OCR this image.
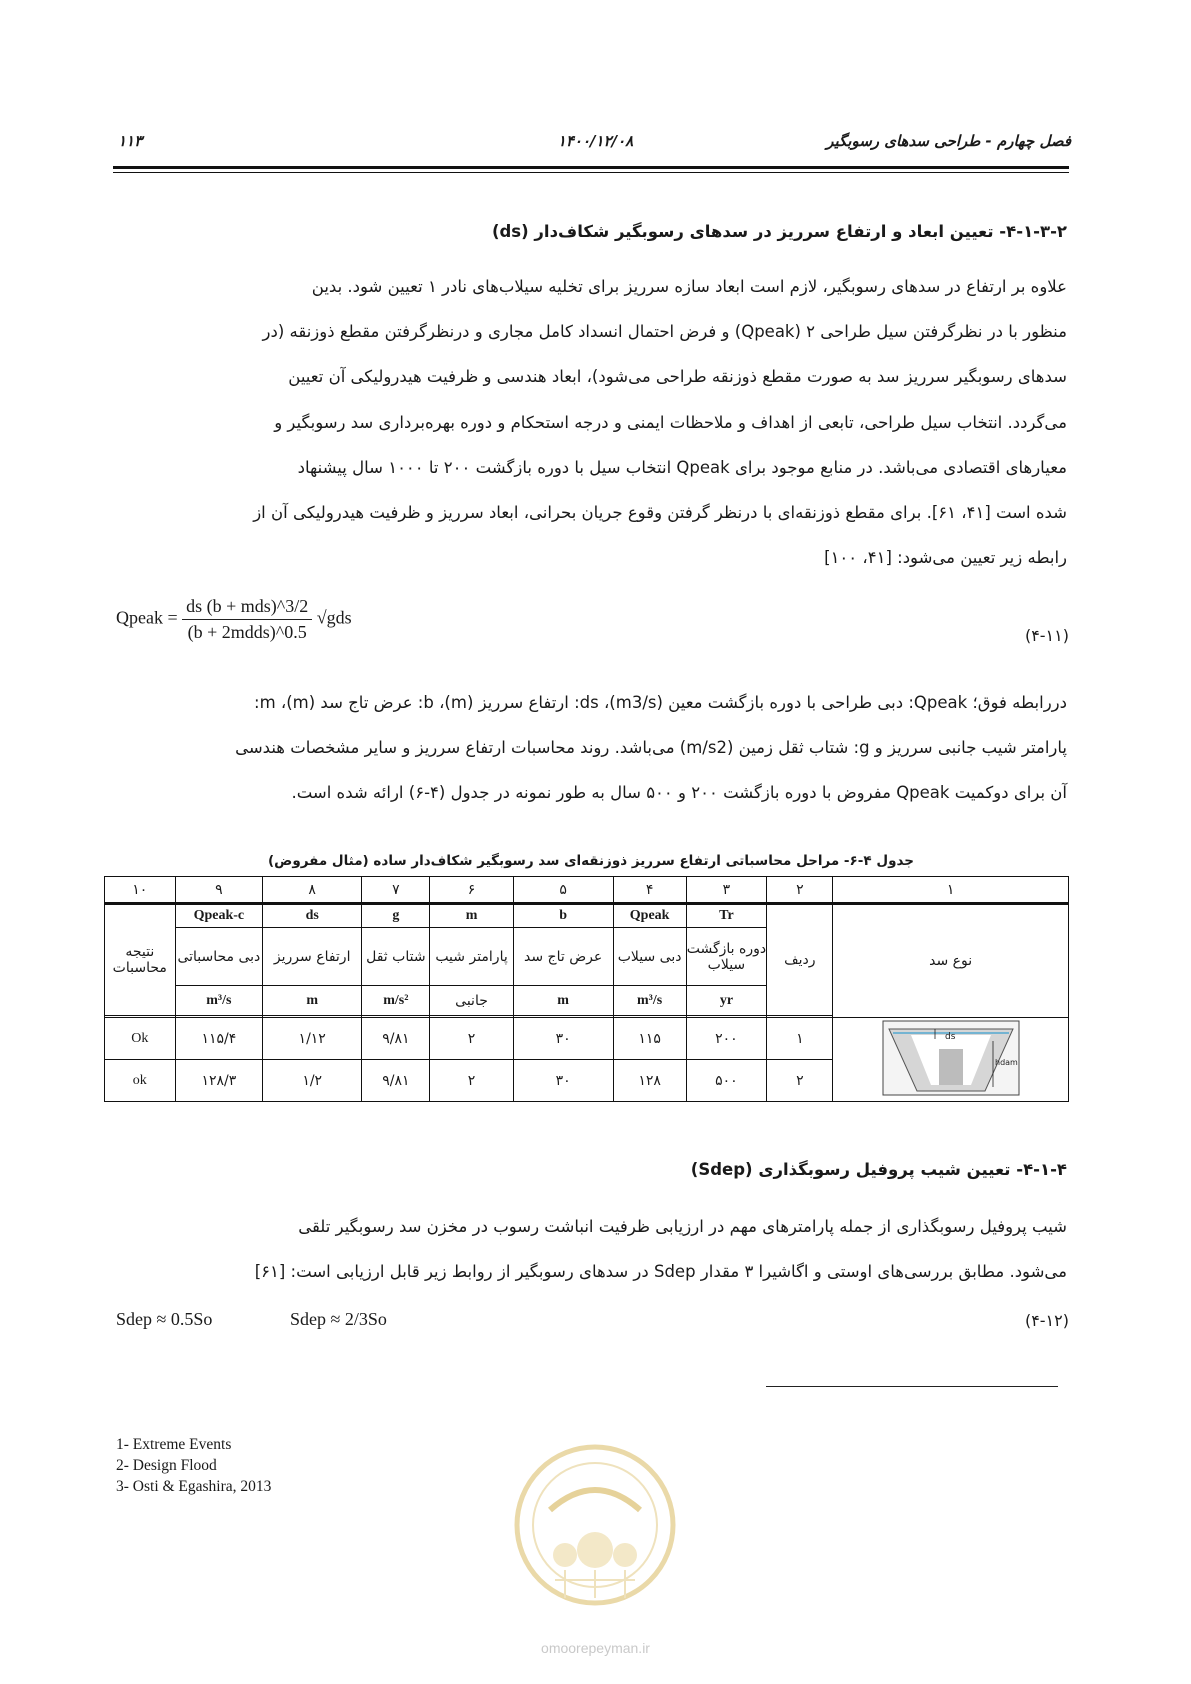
فصل چهارم - طراحی سدهای رسوبگیر
۱۴۰۰/۱۲/۰۸
۱۱۳
۴-۱-۳-۲- تعیین ابعاد و ارتفاع سرریز در سدهای رسوبگیر شکاف‌دار (ds)

علاوه بر ارتفاع در سدهای رسوبگیر، لازم است ابعاد سازه سرریز برای تخلیه سیلاب‌های نادر ۱ تعیین شود. بدین

منظور با در نظرگرفتن سیل طراحی ۲ (Qpeak) و فرض احتمال انسداد کامل مجاری و درنظرگرفتن مقطع ذوزنقه (در

سدهای رسوبگیر سرریز سد به صورت مقطع ذوزنقه طراحی می‌شود)، ابعاد هندسی و ظرفیت هیدرولیکی آن تعیین

می‌گردد. انتخاب سیل طراحی، تابعی از اهداف و ملاحظات ایمنی و درجه استحکام و دوره بهره‌برداری سد رسوبگیر و

معیارهای اقتصادی می‌باشد. در منابع موجود برای Qpeak انتخاب سیل با دوره بازگشت ۲۰۰ تا ۱۰۰۰ سال پیشنهاد

شده است [۴۱، ۶۱]. برای مقطع ذوزنقه‌ای با درنظر گرفتن وقوع جریان بحرانی، ابعاد سرریز و ظرفیت هیدرولیکی آن از

رابطه زیر تعیین می‌شود: [۴۱، ۱۰۰]

Qpeak = $\frac{\text{ds (b + mds)\textasciicircum{}3/2}}{\text{(b + 2mdds)\textasciicircum{}0.5}} √gds$
(۴-۱۱)

دررابطه فوق؛ Qpeak: دبی طراحی با دوره بازگشت معین (m3/s)، ds: ارتفاع سرریز (m)، b: عرض تاج سد (m)، m:

پارامتر شیب جانبی سرریز و g: شتاب ثقل زمین (m/s2) می‌باشد. روند محاسبات ارتفاع سرریز و سایر مشخصات هندسی

آن برای دوکمیت Qpeak مفروض با دوره بازگشت ۲۰۰ و ۵۰۰ سال به طور نمونه در جدول (۴-۶) ارائه شده است.

جدول ۴-۶- مراحل محاسباتی ارتفاع سرریز ذوزنقه‌ای سد رسوبگیر شکاف‌دار ساده (مثال مفروض)
۱۰	۹	۸	۷	۶	۵	۴	۳	۲	۱
نتیجه محاسبات	Qpeak-c	ds	g	m	b	Qpeak	Tr	ردیف	نوع سد
	دبی محاسباتی	ارتفاع سرریز	شتاب ثقل	پارامتر شیب	عرض تاج سد	دبی سیلاب	دوره بازگشت سیلاب		
	m³/s	m	m/s²	جانبی	m	m³/s	yr		

Ok	۱۱۵/۴	۱/۱۲	۹/۸۱	۲	۳۰	۱۱۵	۲۰۰	۱	ds
hdam

ok	۱۲۸/۳	۱/۲	۹/۸۱	۲	۳۰	۱۲۸	۵۰۰	۲	
۴-۱-۴- تعیین شیب پروفیل رسوبگذاری (Sdep)

شیب پروفیل رسوبگذاری از جمله پارامترهای مهم در ارزیابی ظرفیت انباشت رسوب در مخزن سد رسوبگیر تلقی

می‌شود. مطابق بررسی‌های اوستی و اگاشیرا ۳ مقدار Sdep در سدهای رسوبگیر از روابط زیر قابل ارزیابی است: [۶۱]

Sdep ≈ 0.5So	Sdep ≈ 2/3So	(۴-۱۲)
1- Extreme Events
2- Design Flood
3- Osti & Egashira, 2013
omoorepeyman.ir
